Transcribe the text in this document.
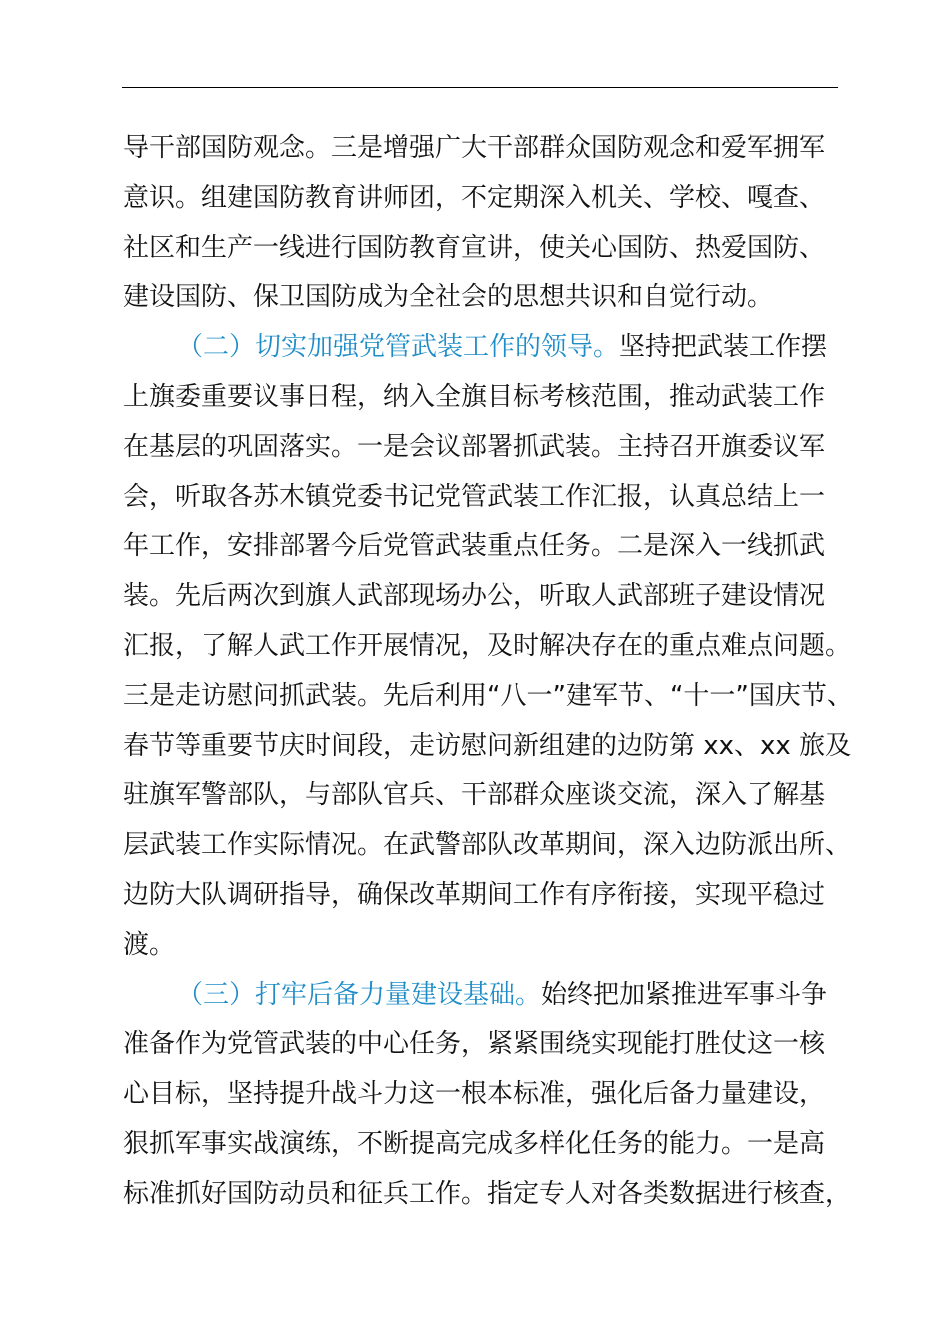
导干部国防观念。三是增强广大干部群众国防观念和爱军拥军
意识。组建国防教育讲师团，不定期深入机关、学校、嘎查、
社区和生产一线进行国防教育宣讲，使关心国防、热爱国防、
建设国防、保卫国防成为全社会的思想共识和自觉行动。
（二）切实加强党管武装工作的领导。坚持把武装工作摆
上旗委重要议事日程，纳入全旗目标考核范围，推动武装工作
在基层的巩固落实。一是会议部署抓武装。主持召开旗委议军
会，听取各苏木镇党委书记党管武装工作汇报，认真总结上一
年工作，安排部署今后党管武装重点任务。二是深入一线抓武
装。先后两次到旗人武部现场办公，听取人武部班子建设情况
汇报，了解人武工作开展情况，及时解决存在的重点难点问题。
三是走访慰问抓武装。先后利用“八一”建军节、“十一”国庆节、
春节等重要节庆时间段，走访慰问新组建的边防第 xx、xx 旅及
驻旗军警部队，与部队官兵、干部群众座谈交流，深入了解基
层武装工作实际情况。在武警部队改革期间，深入边防派出所、
边防大队调研指导，确保改革期间工作有序衔接，实现平稳过
渡。
（三）打牢后备力量建设基础。始终把加紧推进军事斗争
准备作为党管武装的中心任务，紧紧围绕实现能打胜仗这一核
心目标，坚持提升战斗力这一根本标准，强化后备力量建设，
狠抓军事实战演练，不断提高完成多样化任务的能力。一是高
标准抓好国防动员和征兵工作。指定专人对各类数据进行核查，
